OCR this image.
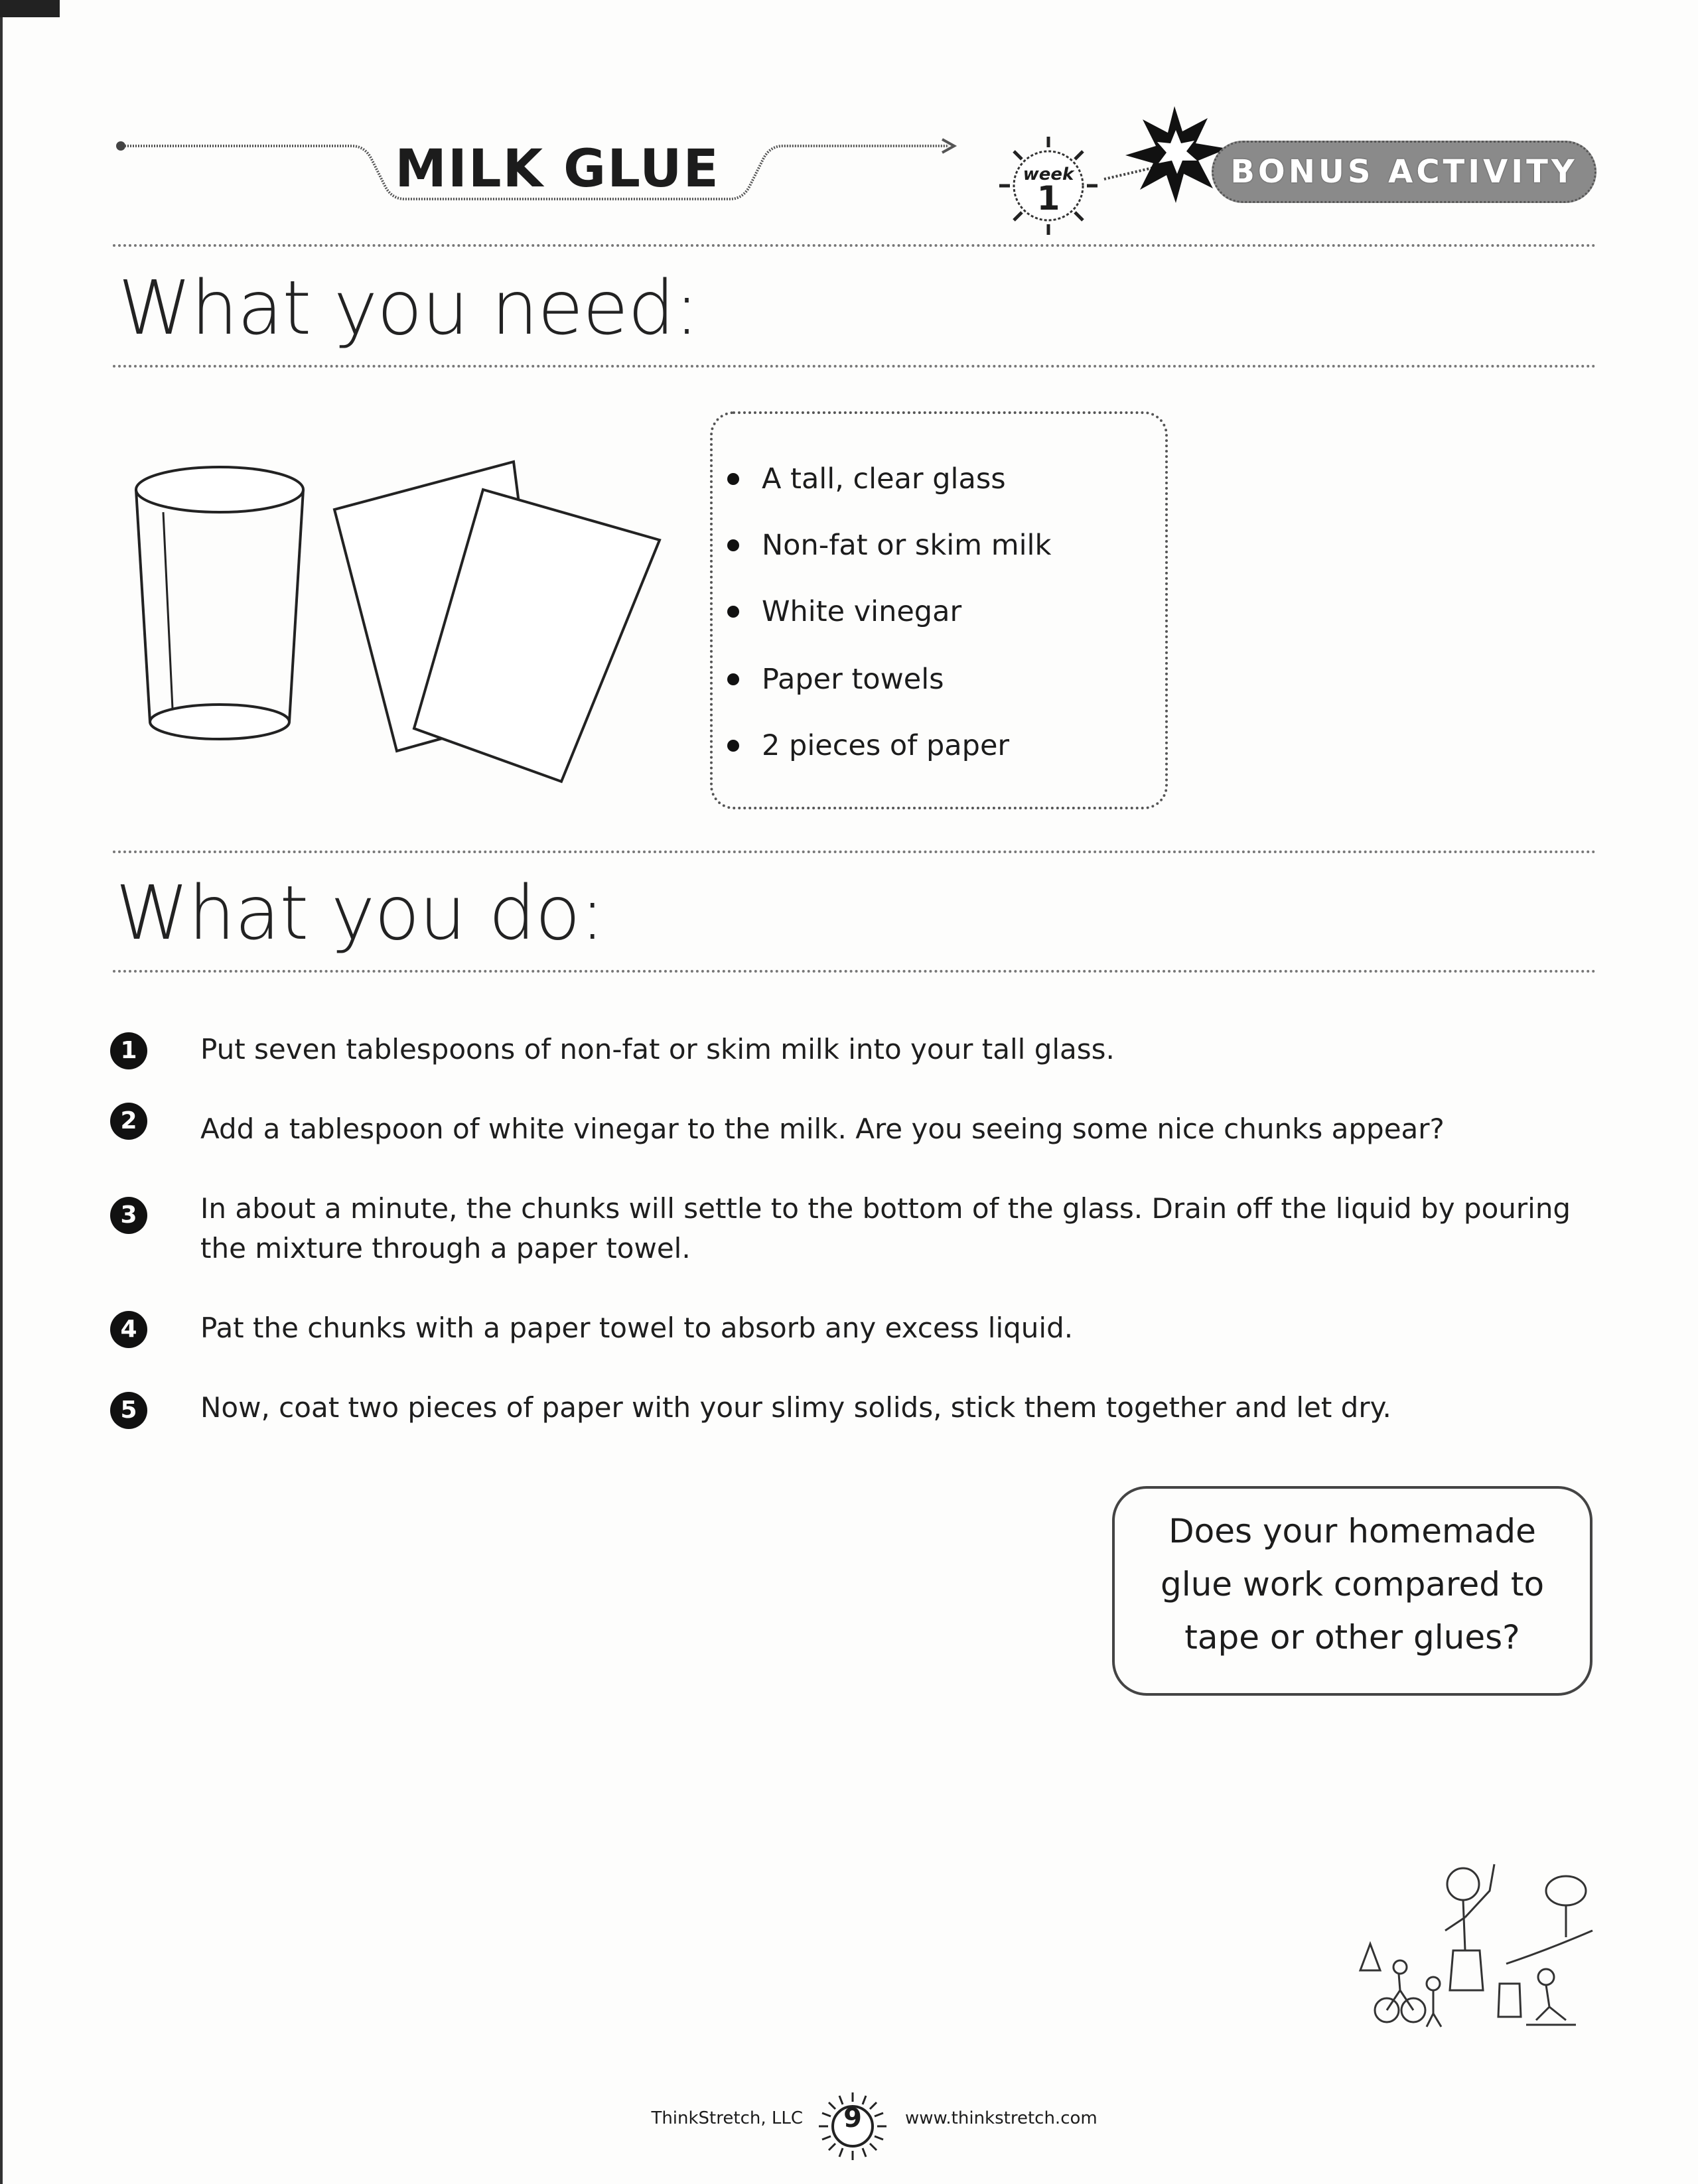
MILK GLUE	week
1
BONUS ACTIVITY
What you need:
A tall, clear glass
Non-fat or skim milk
White vinegar
Paper towels
2 pieces of paper
What you do:
1	Put seven tablespoons of non-fat or skim milk into your tall glass.
2	Add a tablespoon of white vinegar to the milk. Are you seeing some nice chunks appear?
3	In about a minute, the chunks will settle to the bottom of the glass. Drain off the liquid by pouring the mixture through a paper towel.
4	Pat the chunks with a paper towel to absorb any excess liquid.
5	Now, coat two pieces of paper with your slimy solids, stick them together and let dry.
Does your homemade glue work compared to tape or other glues?
ThinkStretch, LLC	9	www.thinkstretch.com
